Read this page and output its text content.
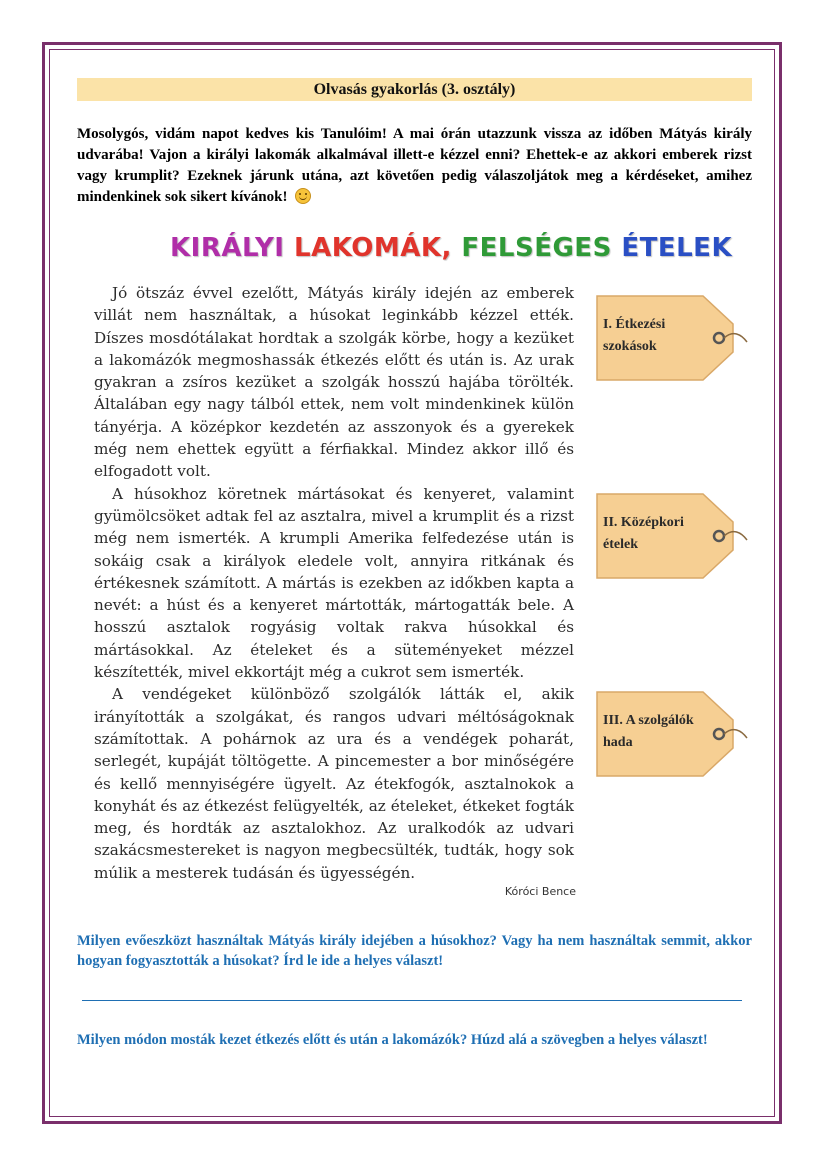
Olvasás gyakorlás (3. osztály)
Mosolygós, vidám napot kedves kis Tanulóim! A mai órán utazzunk vissza az időben Mátyás király udvarába! Vajon a királyi lakomák alkalmával illett-e kézzel enni? Ehettek-e az akkori emberek rizst vagy krumplit? Ezeknek járunk utána, azt követően pedig válaszoljátok meg a kérdéseket, amihez mindenkinek sok sikert kívánok!
KIRÁLYI LAKOMÁK, FELSÉGES ÉTELEK

Jó ötszáz évvel ezelőtt, Mátyás király idején az emberek villát nem használtak, a húsokat leginkább kézzel ették. Díszes mosdótálakat hordtak a szolgák körbe, hogy a kezüket a lakomázók megmoshassák étkezés előtt és után is. Az urak gyakran a zsíros kezüket a szolgák hosszú hajába törölték. Általában egy nagy tálból ettek, nem volt mindenkinek külön tányérja. A középkor kezdetén az asszonyok és a gyerekek még nem ehettek együtt a férfiakkal. Mindez akkor illő és elfogadott volt.

A húsokhoz köretnek mártásokat és kenyeret, valamint gyümölcsöket adtak fel az asztalra, mivel a krumplit és a rizst még nem ismerték. A krumpli Amerika felfedezése után is sokáig csak a királyok eledele volt, annyira ritkának és értékesnek számított. A mártás is ezekben az időkben kapta a nevét: a húst és a kenyeret mártották, mártogatták bele. A hosszú asztalok rogyásig voltak rakva húsokkal és mártásokkal. Az ételeket és a süteményeket mézzel készítették, mivel ekkortájt még a cukrot sem ismerték.

A vendégeket különböző szolgálók látták el, akik irányították a szolgákat, és rangos udvari méltóságoknak számítottak. A pohárnok az ura és a vendégek poharát, serlegét, kupáját töltögette. A pincemester a bor minőségére és kellő mennyiségére ügyelt. Az étekfogók, asztalnokok a konyhát és az étkezést felügyelték, az ételeket, étkeket fogták meg, és hordták az asztalokhoz. Az uralkodók az udvari szakácsmestereket is nagyon megbecsülték, tudták, hogy sok múlik a mesterek tudásán és ügyességén.

Kóróci Bence
I. Étkezési szokások
II. Középkori ételek
III. A szolgálók hada
Milyen evőeszközt használtak Mátyás király idejében a húsokhoz? Vagy ha nem használtak semmit, akkor hogyan fogyasztották a húsokat? Írd le ide a helyes választ!
Milyen módon mosták kezet étkezés előtt és után a lakomázók? Húzd alá a szövegben a helyes választ!
